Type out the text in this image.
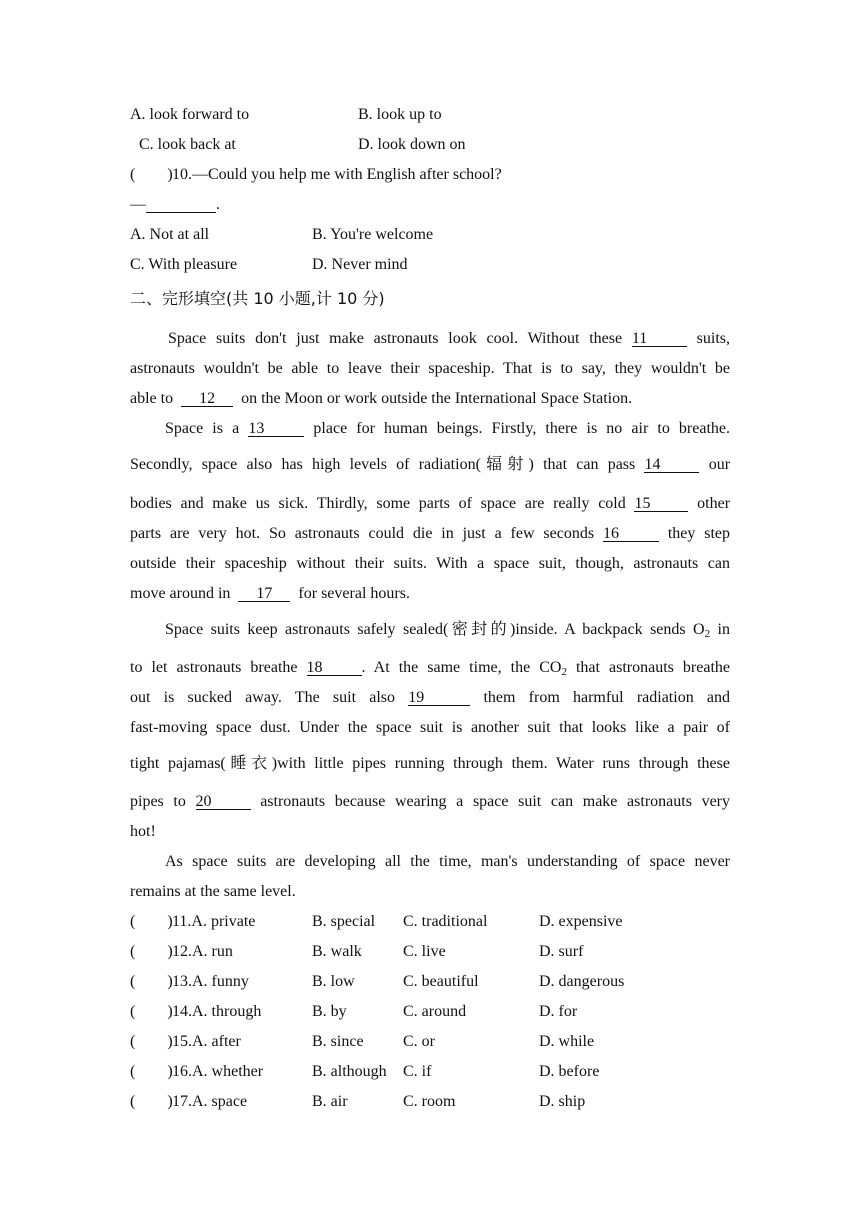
A. look forward to	B. look up to
C. look back at	D. look down on
(　　) 10.—Could you help me with English after school?
—	.
A. Not at all	B. You're welcome
C. With pleasure	D. Never mind
二、完形填空(共 10 小题,计 10 分)
Space suits don't just make astronauts look cool. Without these 11	suits,
astronauts wouldn't be able to leave their spaceship. That is to say, they wouldn't be
able to 12 on the Moon or work outside the International Space Station.
Space is a 13	place for human beings. Firstly, there is no air to breathe.
Secondly, space also has high levels of radiation(辐射) that can pass 14	our
bodies and make us sick. Thirdly, some parts of space are really cold 15	other
parts are very hot. So astronauts could die in just a few seconds 16	they step
outside their spaceship without their suits. With a space suit, though, astronauts can
move around in 17 for several hours.
Space suits keep astronauts safely sealed(密封的)inside. A backpack sends $O_2$ in
to let astronauts breathe 18 . At the same time, the $CO_2$ that astronauts breathe
out is sucked away. The suit also 19	them from harmful radiation and
fast-moving space dust. Under the space suit is another suit that looks like a pair of
tight pajamas(睡衣)with little pipes running through them. Water runs through these
pipes to 20	astronauts because wearing a space suit can make astronauts very
hot!
As space suits are developing all the time, man's understanding of space never
remains at the same level.
(　　) 11.A. private	B. special C. traditional	D. expensive
(　　) 12.A. run	B. walk	C. live	D. surf
(　　) 13.A. funny	B. low	C. beautiful	D. dangerous
(　　) 14.A. through	B. by	C. around	D. for
(　　) 15.A. after	B. since C. or	D. while
(　　) 16.A. whether	B. although C. if	D. before
(　　) 17.A. space	B. air	C. room	D. ship
